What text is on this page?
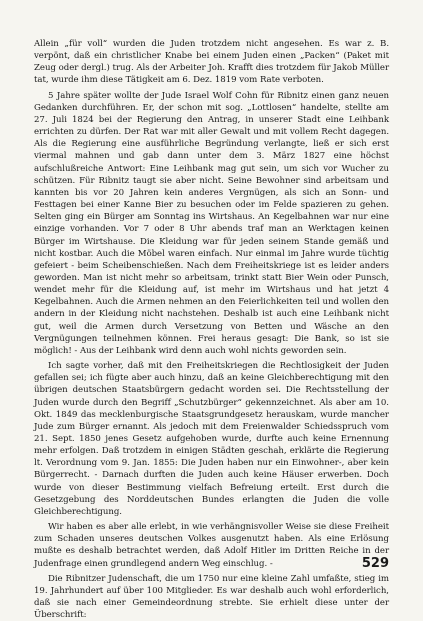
Allein „für voll“ wurden die Juden trotzdem nicht angesehen. Es war z. B. verpönt, daß ein christlicher Knabe bei einem Juden einen „Packen“ (Paket mit Zeug oder dergl.) trug. Als der Arbeiter Joh. Krafft dies trotzdem für Jakob Müller tat, wurde ihm diese Tätigkeit am 6. Dez. 1819 vom Rate verboten.

5 Jahre später wollte der Jude Israel Wolf Cohn für Ribnitz einen ganz neuen Gedanken durchführen. Er, der schon mit sog. „Lottlosen“ handelte, stellte am 27. Juli 1824 bei der Regierung den Antrag, in unserer Stadt eine Leihbank errichten zu dürfen. Der Rat war mit aller Gewalt und mit vollem Recht dagegen. Als die Regierung eine ausführliche Begründung verlangte, ließ er sich erst viermal mahnen und gab dann unter dem 3. März 1827 eine höchst aufschlußreiche Antwort: Eine Leihbank mag gut sein, um sich vor Wucher zu schützen. Für Ribnitz taugt sie aber nicht. Seine Bewohner sind arbeitsam und kannten bis vor 20 Jahren kein anderes Vergnügen, als sich an Sonn- und Festtagen bei einer Kanne Bier zu besuchen oder im Felde spazieren zu gehen. Selten ging ein Bürger am Sonntag ins Wirtshaus. An Kegelbahnen war nur eine einzige vorhanden. Vor 7 oder 8 Uhr abends traf man an Werktagen keinen Bürger im Wirtshause. Die Kleidung war für jeden seinem Stande gemäß und nicht kostbar. Auch die Möbel waren einfach. Nur einmal im Jahre wurde tüchtig gefeiert - beim Scheibenschießen. Nach dem Freiheitskriege ist es leider anders geworden. Man ist nicht mehr so arbeitsam, trinkt statt Bier Wein oder Punsch, wendet mehr für die Kleidung auf, ist mehr im Wirtshaus und hat jetzt 4 Kegelbahnen. Auch die Armen nehmen an den Feierlichkeiten teil und wollen den andern in der Kleidung nicht nachstehen. Deshalb ist auch eine Leihbank nicht gut, weil die Armen durch Versetzung von Betten und Wäsche an den Vergnügungen teilnehmen können. Frei heraus gesagt: Die Bank, so ist sie möglich! - Aus der Leihbank wird denn auch wohl nichts geworden sein.

Ich sagte vorher, daß mit den Freiheitskriegen die Rechtlosigkeit der Juden gefallen sei; ich fügte aber auch hinzu, daß an keine Gleichberechtigung mit den übrigen deutschen Staatsbürgern gedacht worden sei. Die Rechtsstellung der Juden wurde durch den Begriff „Schutzbürger“ gekennzeichnet. Als aber am 10. Okt. 1849 das mecklenburgische Staatsgrundgesetz herauskam, wurde mancher Jude zum Bürger ernannt. Als jedoch mit dem Freienwalder Schiedsspruch vom 21. Sept. 1850 jenes Gesetz aufgehoben wurde, durfte auch keine Ernennung mehr erfolgen. Daß trotzdem in einigen Städten geschah, erklärte die Regierung lt. Verordnung vom 9. Jan. 1855: Die Juden haben nur ein Einwohner-, aber kein Bürgerrecht. - Darnach durften die Juden auch keine Häuser erwerben. Doch wurde von dieser Bestimmung vielfach Befreiung erteilt. Erst durch die Gesetzgebung des Norddeutschen Bundes erlangten die Juden die volle Gleichberechtigung.

Wir haben es aber alle erlebt, in wie verhängnisvoller Weise sie diese Freiheit zum Schaden unseres deutschen Volkes ausgenutzt haben. Als eine Erlösung mußte es deshalb betrachtet werden, daß Adolf Hitler im Dritten Reiche in der Judenfrage einen grundlegend andern Weg einschlug. -

Die Ribnitzer Judenschaft, die um 1750 nur eine kleine Zahl umfaßte, stieg im 19. Jahrhundert auf über 100 Mitglieder. Es war deshalb auch wohl erforderlich, daß sie nach einer Gemeindeordnung strebte. Sie erhielt diese unter der Überschrift:

529
